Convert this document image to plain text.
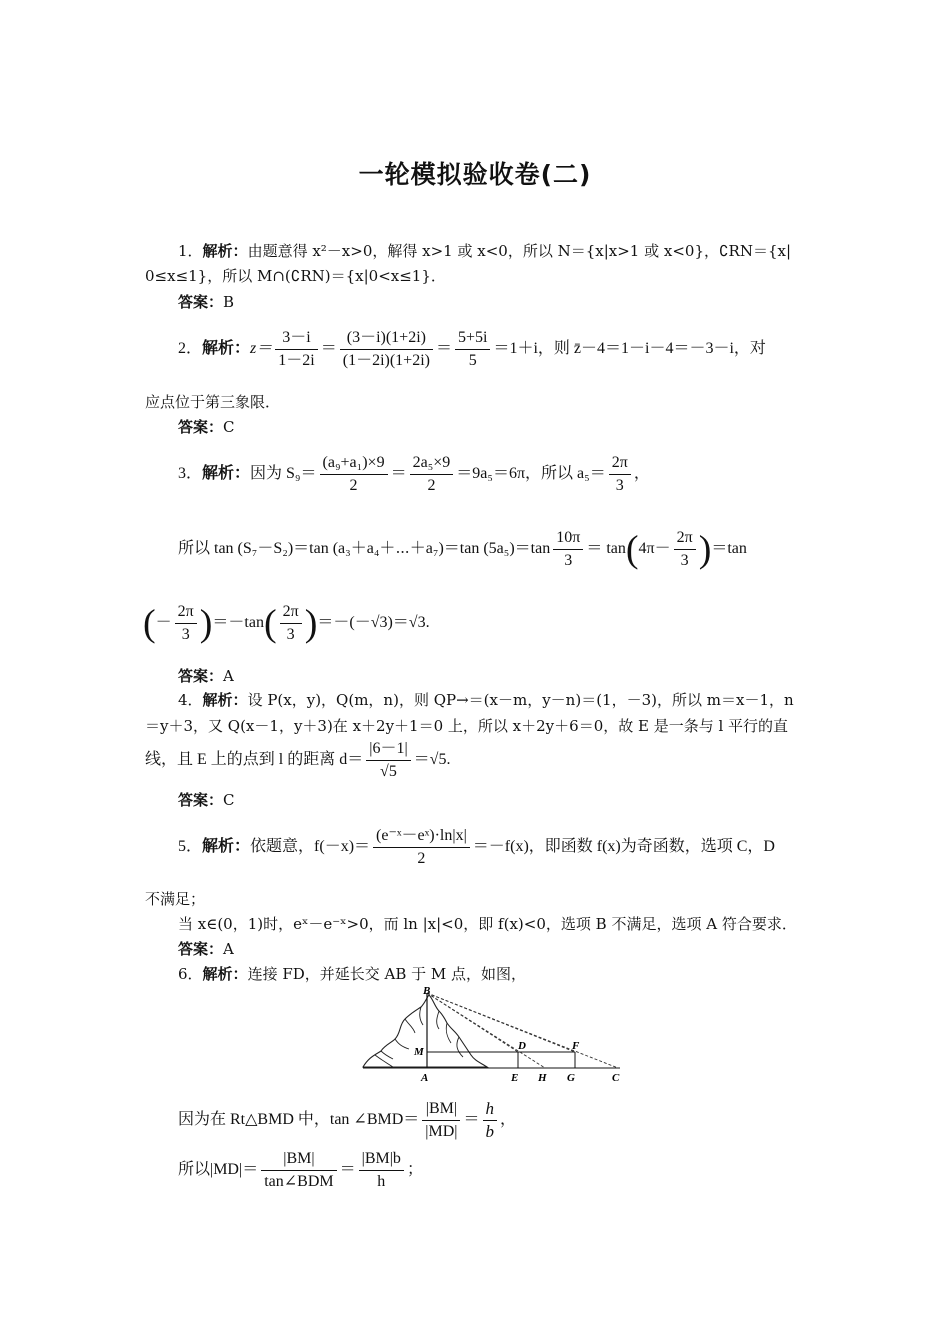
一轮模拟验收卷(二)
1．解析：由题意得 x²－x>0，解得 x>1 或 x<0，所以 N＝{x|x>1 或 x<0}，∁RN＝{x|
0≤x≤1}，所以 M∩(∁RN)＝{x|0<x≤1}．
答案：B
2．解析：$z= \frac{3-i}{1-2i} = \frac{(3-i)(1+2i)}{(1-2i)(1+2i)} = \frac{5+5i}{5} =1+i$，则 z̄－4＝1－i－4＝－3－i，对
应点位于第三象限．
答案：C
3．解析：因为 $S_9= \frac{\text{(a₉+a₁)×9}}{2} = \frac{\text{2a₅×9}}{2} =9a_5=6\pi$，所以 $a_5= \frac{2\pi}{3}$ ，
所以 tan (S₇－S₂)＝tan (a₃＋a₄＋⋯＋a₇)＝tan $(5a_5)=\tan \frac{10\pi}{3} = \tan(4\pi- \frac{2\pi}{3} )=\tan$
(－ $\frac{2\pi}{3} )=-\tan( \frac{2\pi}{3} )=-(-√3)=√3$.
答案：A
4．解析：设 P(x，y)，Q(m，n)，则 QP→＝(x－m，y－n)＝(1，－3)，所以 m＝x－1，n
＝y＋3，又 Q(x－1，y＋3)在 x＋2y＋1＝0 上，所以 x＋2y＋6＝0，故 E 是一条与 l 平行的直
线，且 E 上的点到 l 的距离 $d= \frac{|6-1|}{√5} =√5$.
答案：C
5．解析：依题意，$f(-x)= \frac{\text{(e⁻ˣ－eˣ)·ln|x|}}{2} =-f(x)$，即函数 f(x)为奇函数，选项 C，D
不满足；
当 x∈(0，1)时，eˣ－e⁻ˣ>0，而 ln |x|<0，即 f(x)<0，选项 B 不满足，选项 A 符合要求．
答案：A
6．解析：连接 FD，并延长交 AB 于 M 点，如图，
B
M
A
D	F
E H G	C
因为在 Rt△BMD 中，tan ∠BMD＝ $\frac{|BM|}{|MD|} = \frac{h}{b}$ ，
所以$|MD|= \frac{|BM|}{\text{tan∠BDM}} = \frac{|BM|b}{h}$ ；
